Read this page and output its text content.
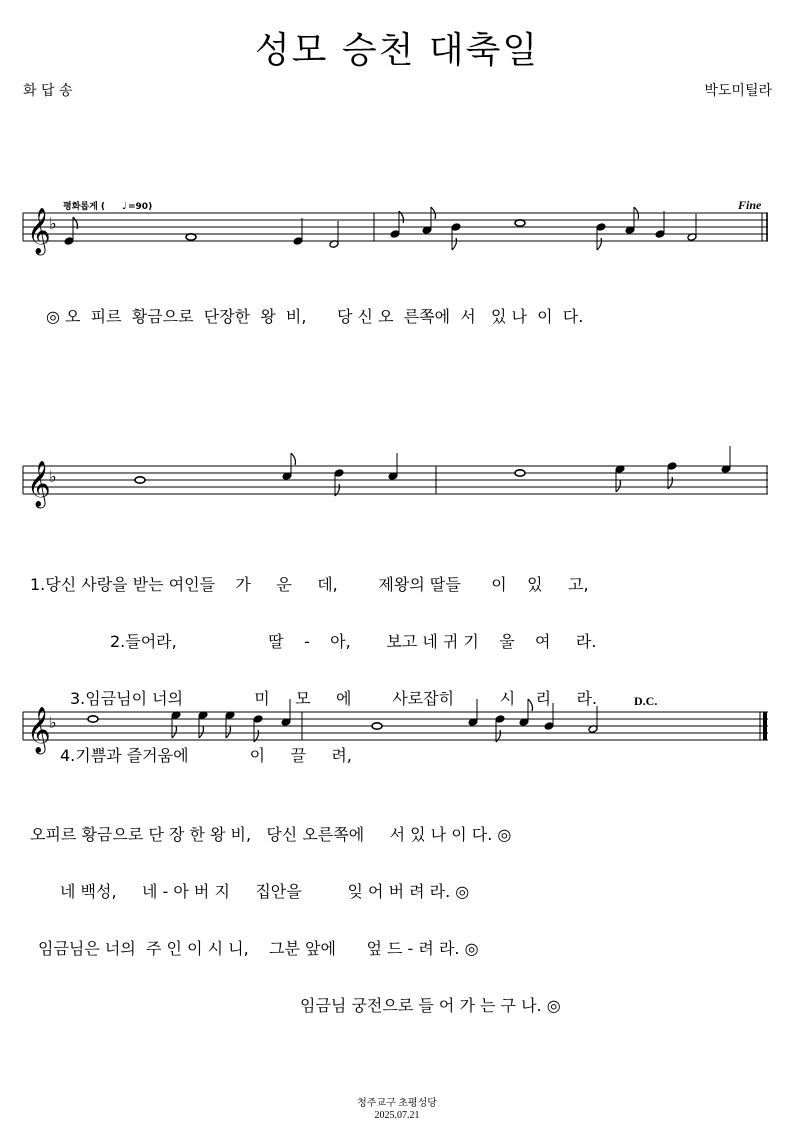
성모 승천 대축일
화 답 송	박도미틸라
𝄞
♭
평화롭게 ( ♩ =90)	Fine
𝄞
♭
𝄞
♭
D.C.
◎ 오  피르  황금으로  단장한  왕  비,      당 신 오  른쪽에  서   있 나  이  다.

1.당신 사랑을 받는 여인들    가     운     데,        제왕의 딸들      이    있     고,

2.들어라,                  딸    -    아,       보고 네 귀 기    울    여     라.

3.임금님이 너의              미     모     에        사로잡히         시    리     라.

4.기쁨과 즐거움에            이     끌     려,

오피르 황금으로 단 장 한 왕 비,   당신 오른쪽에     서 있 나 이 다. ◎

네 백성,     네 - 아 버 지     집안을         잊 어 버 려 라. ◎

임금님은 너의  주 인 이 시 니,    그분 앞에      엎 드 - 려 라. ◎

임금님 궁전으로 들 어 가 는 구 나. ◎

청주교구 초평성당
2025.07.21
